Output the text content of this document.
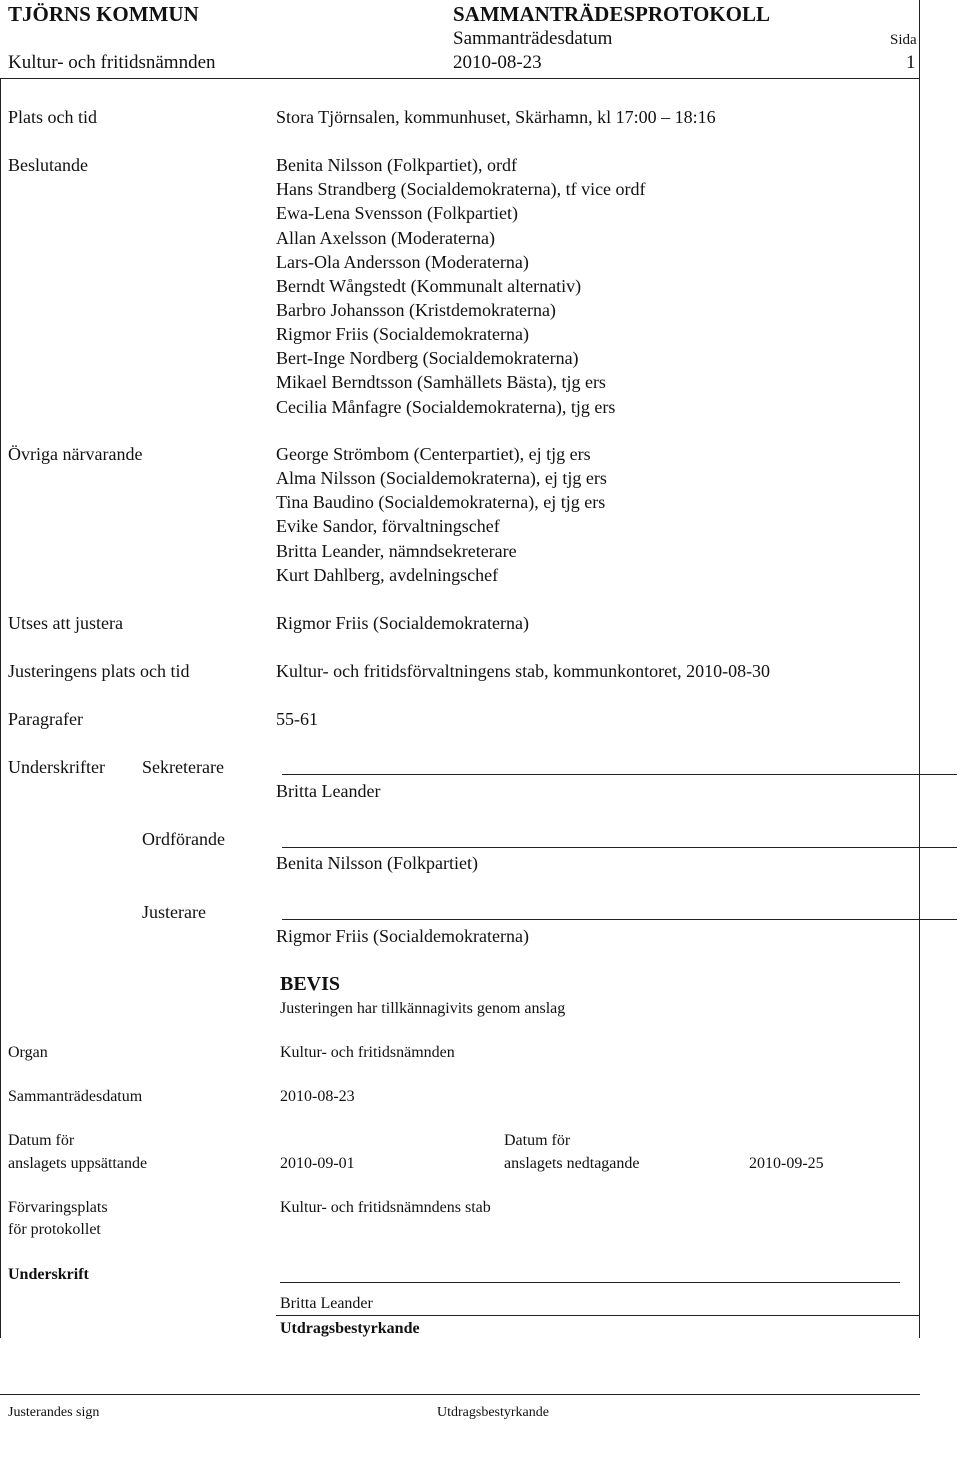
TJÖRNS KOMMUN	SAMMANTRÄDESPROTOKOLL
Kultur- och fritidsnämnden
Sammanträdesdatum
2010-08-23
Sida
1
Plats och tid	Stora Tjörnsalen, kommunhuset, Skärhamn, kl 17:00 – 18:16
Beslutande	Benita Nilsson (Folkpartiet), ordf
Hans Strandberg (Socialdemokraterna), tf vice ordf
Ewa-Lena Svensson (Folkpartiet)
Allan Axelsson (Moderaterna)
Lars-Ola Andersson (Moderaterna)
Berndt Wångstedt (Kommunalt alternativ)
Barbro Johansson (Kristdemokraterna)
Rigmor Friis (Socialdemokraterna)
Bert-Inge Nordberg (Socialdemokraterna)
Mikael Berndtsson (Samhällets Bästa), tjg ers
Cecilia Månfagre (Socialdemokraterna), tjg ers
Övriga närvarande	George Strömbom (Centerpartiet), ej tjg ers
Alma Nilsson (Socialdemokraterna), ej tjg ers
Tina Baudino (Socialdemokraterna), ej tjg ers
Evike Sandor, förvaltningschef
Britta Leander, nämndsekreterare
Kurt Dahlberg, avdelningschef
Utses att justera	Rigmor Friis (Socialdemokraterna)
Justeringens plats och tid	Kultur- och fritidsförvaltningens stab, kommunkontoret, 2010-08-30
Paragrafer	55-61
Underskrifter Sekreterare
Britta Leander
Ordförande
Benita Nilsson (Folkpartiet)
Justerare
Rigmor Friis (Socialdemokraterna)
BEVIS
Justeringen har tillkännagivits genom anslag
Organ	Kultur- och fritidsnämnden
Sammanträdesdatum	2010-08-23
Datum för
anslagets uppsättande	2010-09-01
Datum för
anslagets nedtagande	2010-09-25
Förvaringsplats
för protokollet
Kultur- och fritidsnämndens stab
Underskrift
Britta Leander
Utdragsbestyrkande
Justerandes sign	Utdragsbestyrkande
